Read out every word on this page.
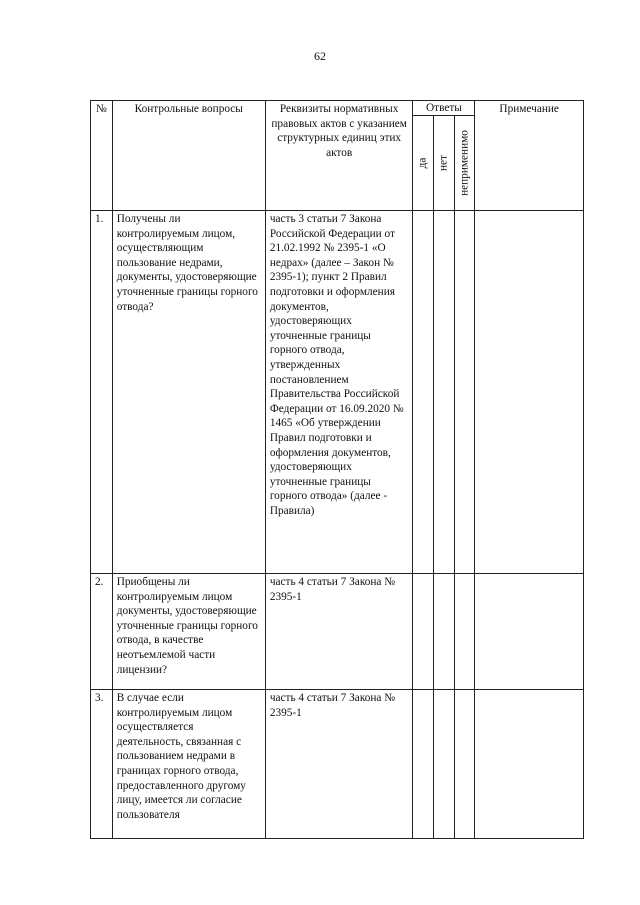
62
№	Контрольные вопросы	Реквизиты нормативных правовых актов с указанием структурных единиц этих актов	Ответы			Примечание

			да	нет	неприменимо	

1.	Получены ли контролируемым лицом, осуществляющим пользование недрами, документы, удостоверяющие уточненные границы горного отвода?	часть 3 статьи 7 Закона Российской Федерации от 21.02.1992 № 2395-1 «О недрах» (далее – Закон № 2395-1); пункт 2 Правил подготовки и оформления документов, удостоверяющих уточненные границы горного отвода, утвержденных постановлением Правительства Российской Федерации от 16.09.2020 № 1465 «Об утверждении Правил подготовки и оформления документов, удостоверяющих уточненные границы горного отвода» (далее - Правила)				
2.	Приобщены ли контролируемым лицом документы, удостоверяющие уточненные границы горного отвода, в качестве неотъемлемой части лицензии?	часть 4 статьи 7 Закона № 2395-1				
3.	В случае если контролируемым лицом осуществляется деятельность, связанная с пользованием недрами в границах горного отвода, предоставленного другому лицу, имеется ли согласие пользователя	часть 4 статьи 7 Закона № 2395-1				
